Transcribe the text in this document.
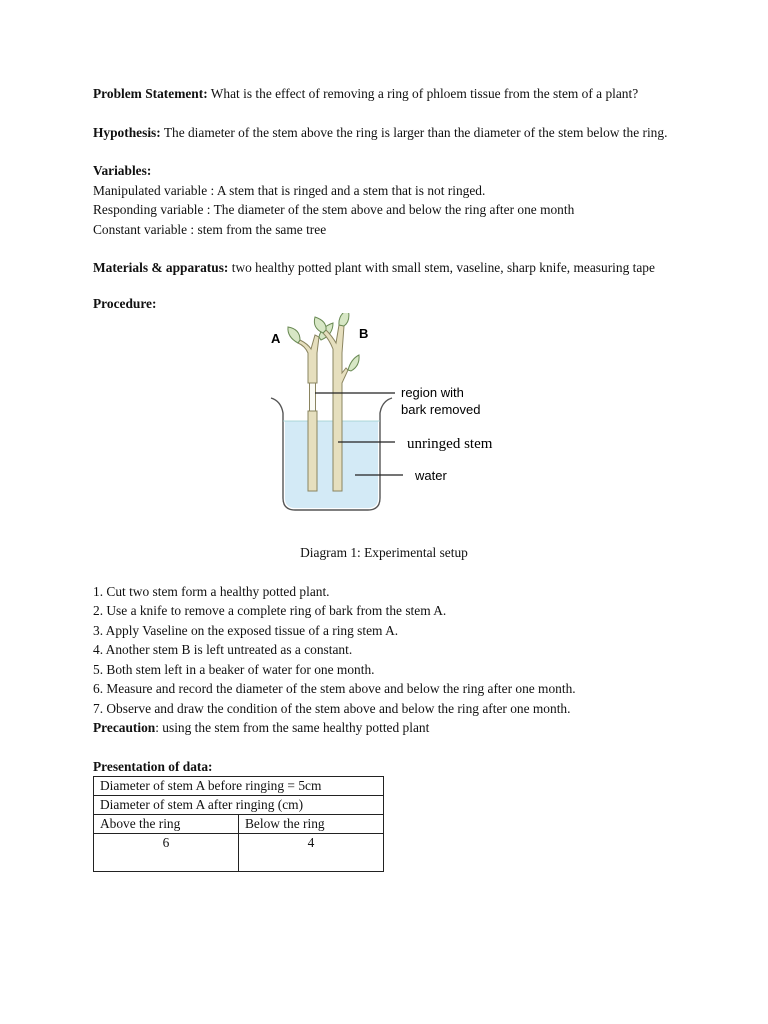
Problem Statement: What is the effect of removing a ring of phloem tissue from the stem of a plant?

Hypothesis: The diameter of the stem above the ring is larger than the diameter of the stem below the ring.

Variables:

Manipulated variable : A stem that is ringed and a stem that is not ringed.

Responding variable : The diameter of the stem above and below the ring after one month

Constant variable : stem from the same tree

Materials & apparatus: two healthy potted plant with small stem, vaseline, sharp knife, measuring tape

Procedure:

A	B
region with
bark removed
unringed stem
water

Diagram 1: Experimental setup

1. Cut two stem form a healthy potted plant.

2. Use a knife to remove a complete ring of bark from the stem A.

3. Apply Vaseline on the exposed tissue of a ring stem A.

4. Another stem B is left untreated as a constant.

5. Both stem left in a beaker of water for one month.

6. Measure and record the diameter of the stem above and below the ring after one month.

7. Observe and draw the condition of the stem above and below the ring after one month.

Precaution: using the stem from the same healthy potted plant

Presentation of data:

Diameter of stem A before ringing = 5cm	
Diameter of stem A after ringing (cm)	
Above the ring	Below the ring
6	4
